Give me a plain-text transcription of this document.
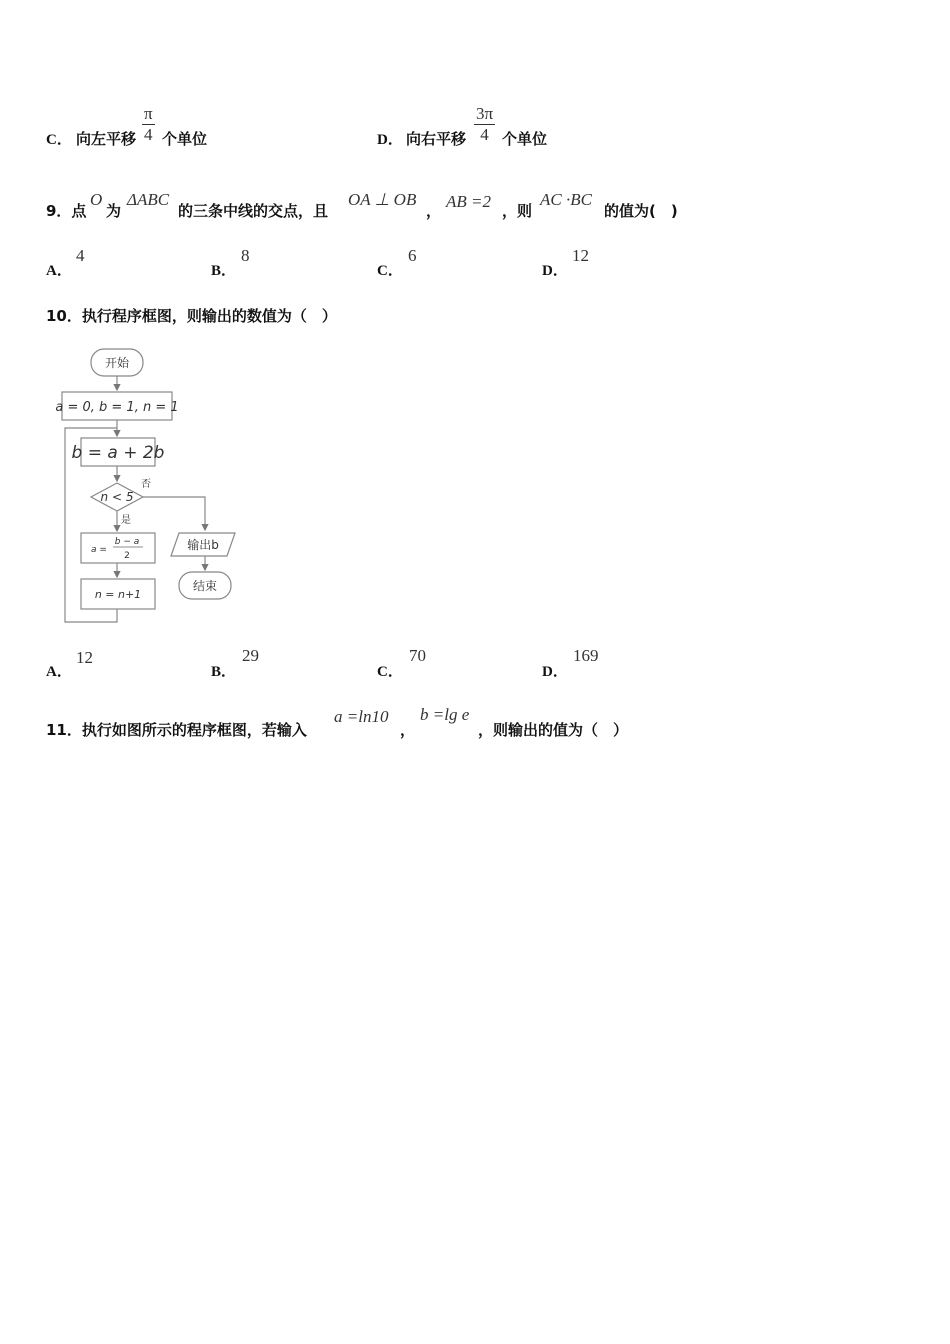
C． 向左平移 $\frac{\pi}{4}$ 个单位	D． 向右平移 $\frac{3\pi}{4}$ 个单位
9．点
O
为
ΔABC
的三条中线的交点，且
OA ⊥ OB
， AB =2 ，则
AC ·BC
的值为(　)
A．
4
B．
8
C．
6
D．
12
10．执行程序框图，则输出的数值为（　）
开始
a = 0, b = 1, n = 1
b = a + 2b
n < 5
否
是
a =
b − a
2
n = n+1
输出b
结束
A．
12
B．
29
C．
70
D．
169
11．执行如图所示的程序框图，若输入
a =ln10
，
b =lg e
，则输出的值为（　）
